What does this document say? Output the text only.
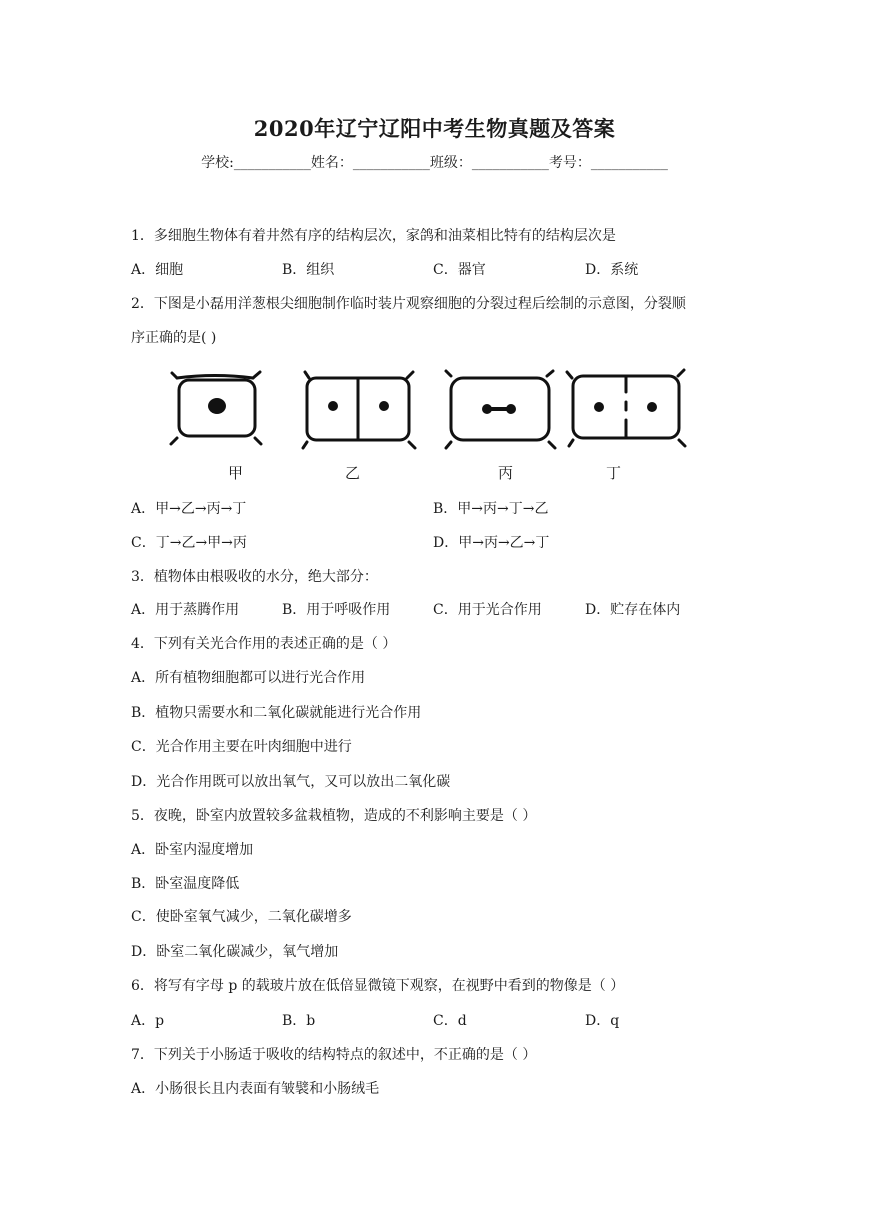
2020年辽宁辽阳中考生物真题及答案
学校:___________姓名：___________班级：___________考号：___________
1．多细胞生物体有着井然有序的结构层次，家鸽和油菜相比特有的结构层次是
A．细胞	B．组织	C．器官	D．系统
2．下图是小磊用洋葱根尖细胞制作临时装片观察细胞的分裂过程后绘制的示意图，分裂顺
序正确的是( )
甲	乙	丙	丁
A．甲→乙→丙→丁	B．甲→丙→丁→乙
C．丁→乙→甲→丙	D．甲→丙→乙→丁
3．植物体由根吸收的水分，绝大部分：
A．用于蒸腾作用	B．用于呼吸作用	C．用于光合作用	D．贮存在体内
4．下列有关光合作用的表述正确的是（ ）
A．所有植物细胞都可以进行光合作用
B．植物只需要水和二氧化碳就能进行光合作用
C．光合作用主要在叶肉细胞中进行
D．光合作用既可以放出氧气，又可以放出二氧化碳
5．夜晚，卧室内放置较多盆栽植物，造成的不利影响主要是（ ）
A．卧室内湿度增加
B．卧室温度降低
C．使卧室氧气减少，二氧化碳增多
D．卧室二氧化碳减少，氧气增加
6．将写有字母 p 的载玻片放在低倍显微镜下观察，在视野中看到的物像是（ ）
A．p	B．b	C．d	D．q
7．下列关于小肠适于吸收的结构特点的叙述中，不正确的是（ ）
A．小肠很长且内表面有皱襞和小肠绒毛
